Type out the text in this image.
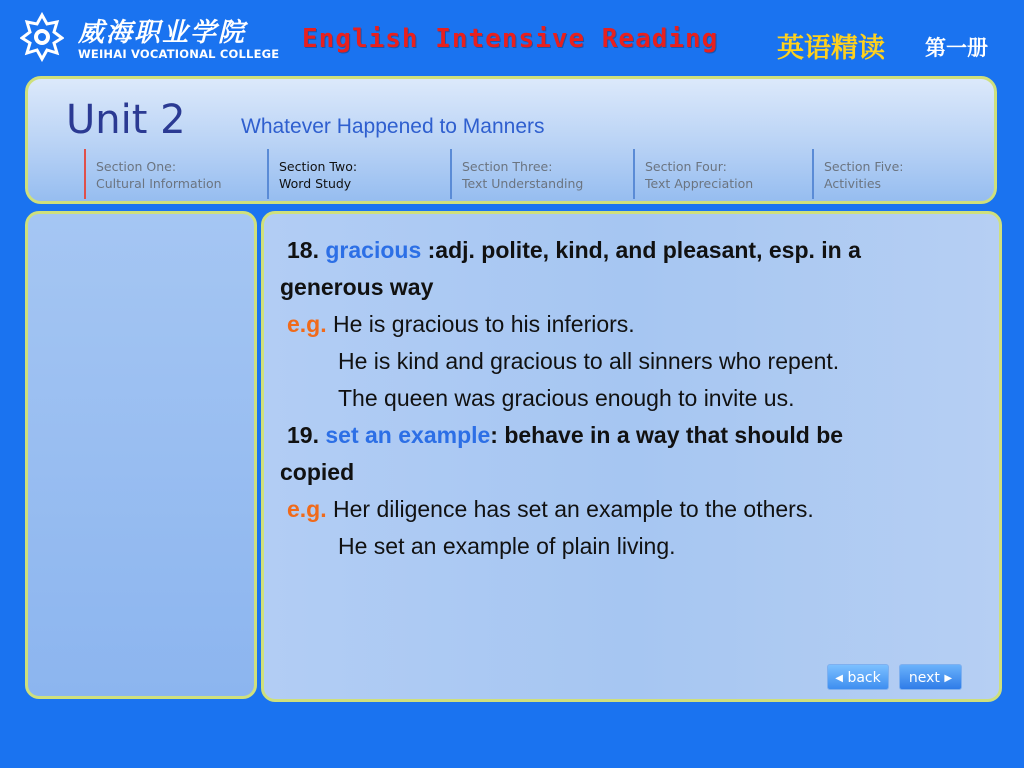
威海职业学院
WEIHAI VOCATIONAL COLLEGE English Intensive Reading 英语精读 第一册
Unit 2	Whatever Happened to Manners
Section One:
Cultural Information
Section Two:
Word Study
Section Three:
Text Understanding
Section Four:
Text Appreciation
Section Five:
Activities
18. gracious :adj. polite, kind, and pleasant, esp. in a
generous way
e.g. He is gracious to his inferiors.
He is kind and gracious to all sinners who repent.
The queen was gracious enough to invite us.
19. set an example: behave in a way that should be
copied
e.g. Her diligence has set an example to the others.
He set an example of plain living.
◀ back	next ▶
